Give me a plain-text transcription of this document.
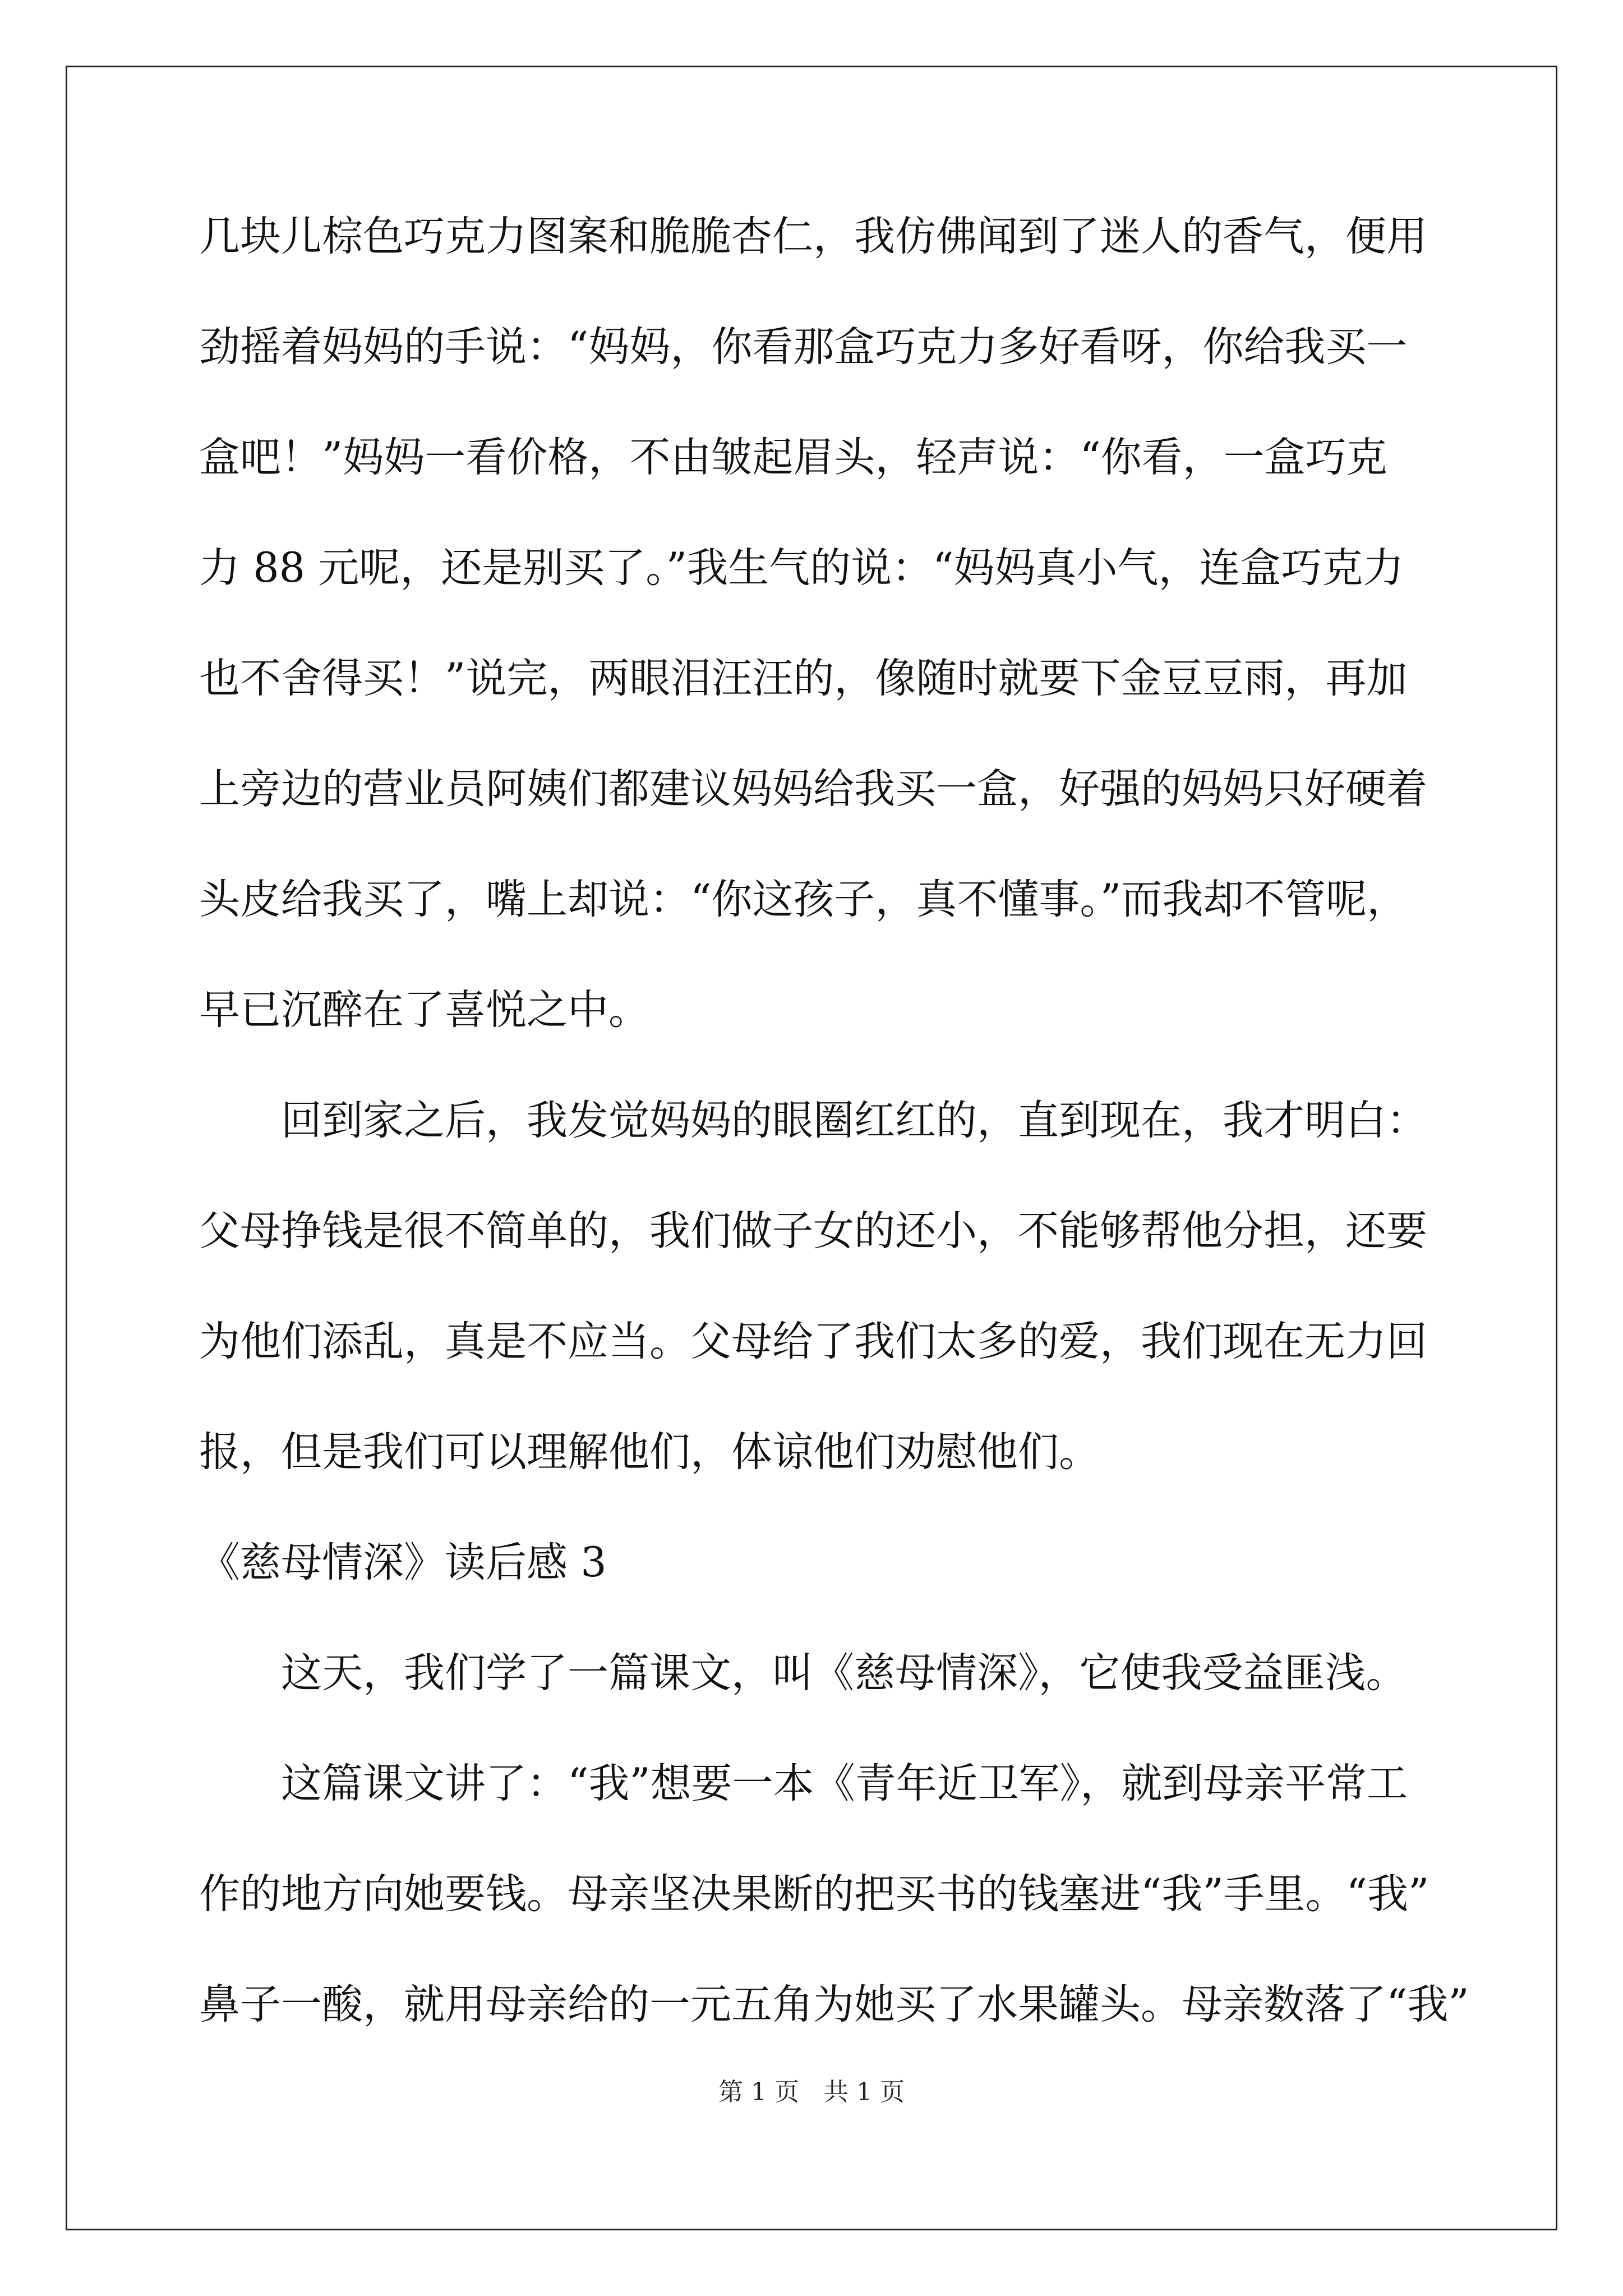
几块儿棕色巧克力图案和脆脆杏仁，我仿佛闻到了迷人的香气，便用
劲摇着妈妈的手说：“妈妈，你看那盒巧克力多好看呀，你给我买一
盒吧！”妈妈一看价格，不由皱起眉头，轻声说：“你看，一盒巧克
力 88 元呢，还是别买了。”我生气的说：“妈妈真小气，连盒巧克力
也不舍得买！”说完，两眼泪汪汪的，像随时就要下金豆豆雨，再加
上旁边的营业员阿姨们都建议妈妈给我买一盒，好强的妈妈只好硬着
头皮给我买了，嘴上却说：“你这孩子，真不懂事。”而我却不管呢，
早已沉醉在了喜悦之中。
回到家之后，我发觉妈妈的眼圈红红的，直到现在，我才明白：
父母挣钱是很不简单的，我们做子女的还小，不能够帮他分担，还要
为他们添乱，真是不应当。父母给了我们太多的爱，我们现在无力回
报，但是我们可以理解他们，体谅他们劝慰他们。
《慈母情深》读后感 3
这天，我们学了一篇课文，叫《慈母情深》，它使我受益匪浅。
这篇课文讲了：“我”想要一本《青年近卫军》，就到母亲平常工
作的地方向她要钱。母亲坚决果断的把买书的钱塞进“我”手里。“我”
鼻子一酸，就用母亲给的一元五角为她买了水果罐头。母亲数落了“我”
第 1 页　共 1 页
